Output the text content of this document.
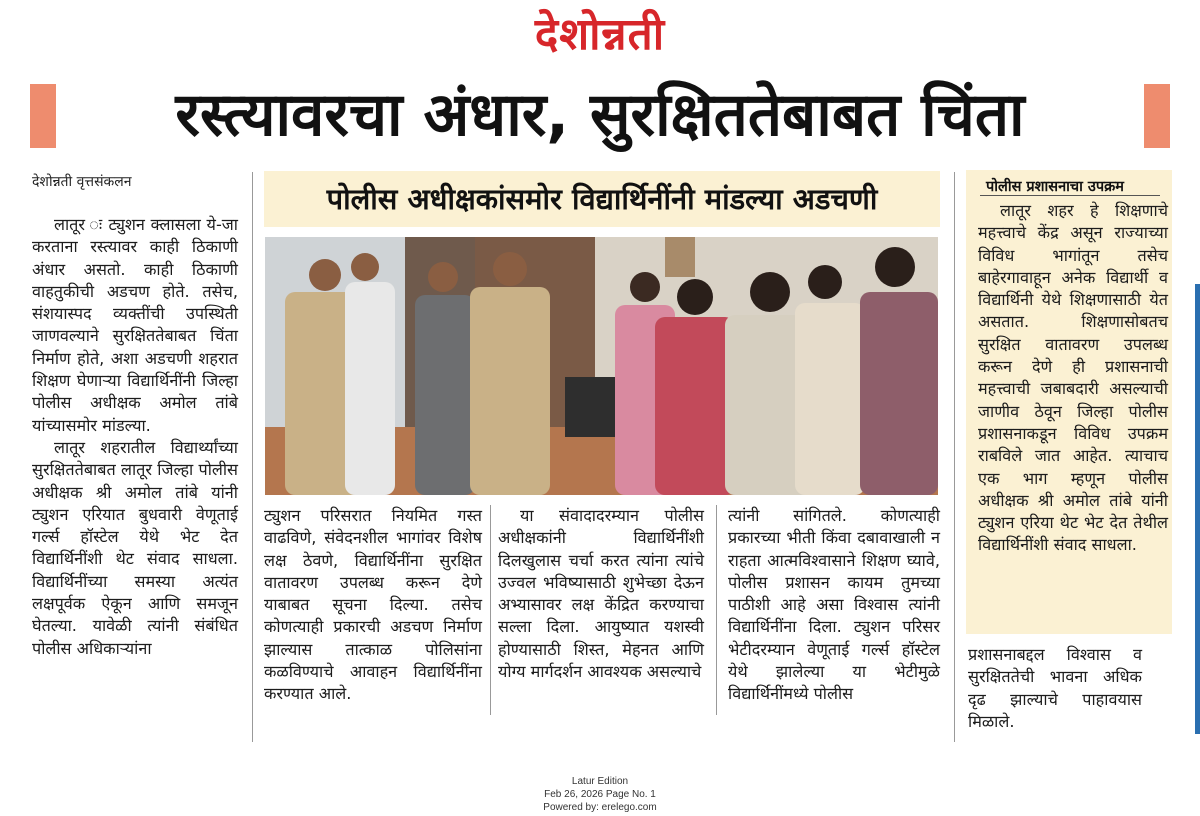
देशोन्नती
रस्त्यावरचा अंधार, सुरक्षिततेबाबत चिंता
देशोन्नती वृत्तसंकलन

लातूर ः ट्युशन क्लासला ये-जा करताना रस्त्यावर काही ठिकाणी अंधार असतो. काही ठिकाणी वाहतुकीची अडचण होते. तसेच, संशयास्पद व्यक्तींची उपस्थिती जाणवल्याने सुरक्षिततेबाबत चिंता निर्माण होते, अशा अडचणी शहरात शिक्षण घेणाऱ्या विद्यार्थिनींनी जिल्हा पोलीस अधीक्षक अमोल तांबे यांच्यासमोर मांडल्या.

लातूर शहरातील विद्यार्थ्यांच्या सुरक्षिततेबाबत लातूर जिल्हा पोलीस अधीक्षक श्री अमोल तांबे यांनी ट्युशन एरियात बुधवारी वेणूताई गर्ल्स हॉस्टेल येथे भेट देत विद्यार्थिनींशी थेट संवाद साधला. विद्यार्थिनींच्या समस्या अत्यंत लक्षपूर्वक ऐकून आणि समजून घेतल्या. यावेळी त्यांनी संबंधित पोलीस अधिकाऱ्यांना

पोलीस अधीक्षकांसमोर विद्यार्थिनींनी मांडल्या अडचणी

ट्युशन परिसरात नियमित गस्त वाढविणे, संवेदनशील भागांवर विशेष लक्ष ठेवणे, विद्यार्थिनींना सुरक्षित वातावरण उपलब्ध करून देणे याबाबत सूचना दिल्या. तसेच कोणत्याही प्रकारची अडचण निर्माण झाल्यास तात्काळ पोलिसांना कळविण्याचे आवाहन विद्यार्थिनींना करण्यात आले.

या संवादादरम्यान पोलीस अधीक्षकांनी विद्यार्थिनींशी दिलखुलास चर्चा करत त्यांना त्यांचे उज्वल भविष्यासाठी शुभेच्छा देऊन अभ्यासावर लक्ष केंद्रित करण्याचा सल्ला दिला. आयुष्यात यशस्वी होण्यासाठी शिस्त, मेहनत आणि योग्य मार्गदर्शन आवश्यक असल्याचे

त्यांनी सांगितले. कोणत्याही प्रकारच्या भीती किंवा दबावाखाली न राहता आत्मविश्वासाने शिक्षण घ्यावे, पोलीस प्रशासन कायम तुमच्या पाठीशी आहे असा विश्वास त्यांनी विद्यार्थिनींना दिला. ट्युशन परिसर भेटीदरम्यान वेणूताई गर्ल्स हॉस्टेल येथे झालेल्या या भेटीमुळे विद्यार्थिनींमध्ये पोलीस

पोलीस प्रशासनाचा उपक्रम

लातूर शहर हे शिक्षणाचे महत्त्वाचे केंद्र असून राज्याच्या विविध भागांतून तसेच बाहेरगावाहून अनेक विद्यार्थी व विद्यार्थिनी येथे शिक्षणासाठी येत असतात. शिक्षणासोबतच सुरक्षित वातावरण उपलब्ध करून देणे ही प्रशासनाची महत्त्वाची जबाबदारी असल्याची जाणीव ठेवून जिल्हा पोलीस प्रशासनाकडून विविध उपक्रम राबविले जात आहेत. त्याचाच एक भाग म्हणून पोलीस अधीक्षक श्री अमोल तांबे यांनी ट्युशन एरिया थेट भेट देत तेथील विद्यार्थिनींशी संवाद साधला.

प्रशासनाबद्दल विश्वास व सुरक्षिततेची भावना अधिक दृढ झाल्याचे पाहावयास मिळाले.

Latur Edition
Feb 26, 2026 Page No. 1
Powered by: erelego.com
